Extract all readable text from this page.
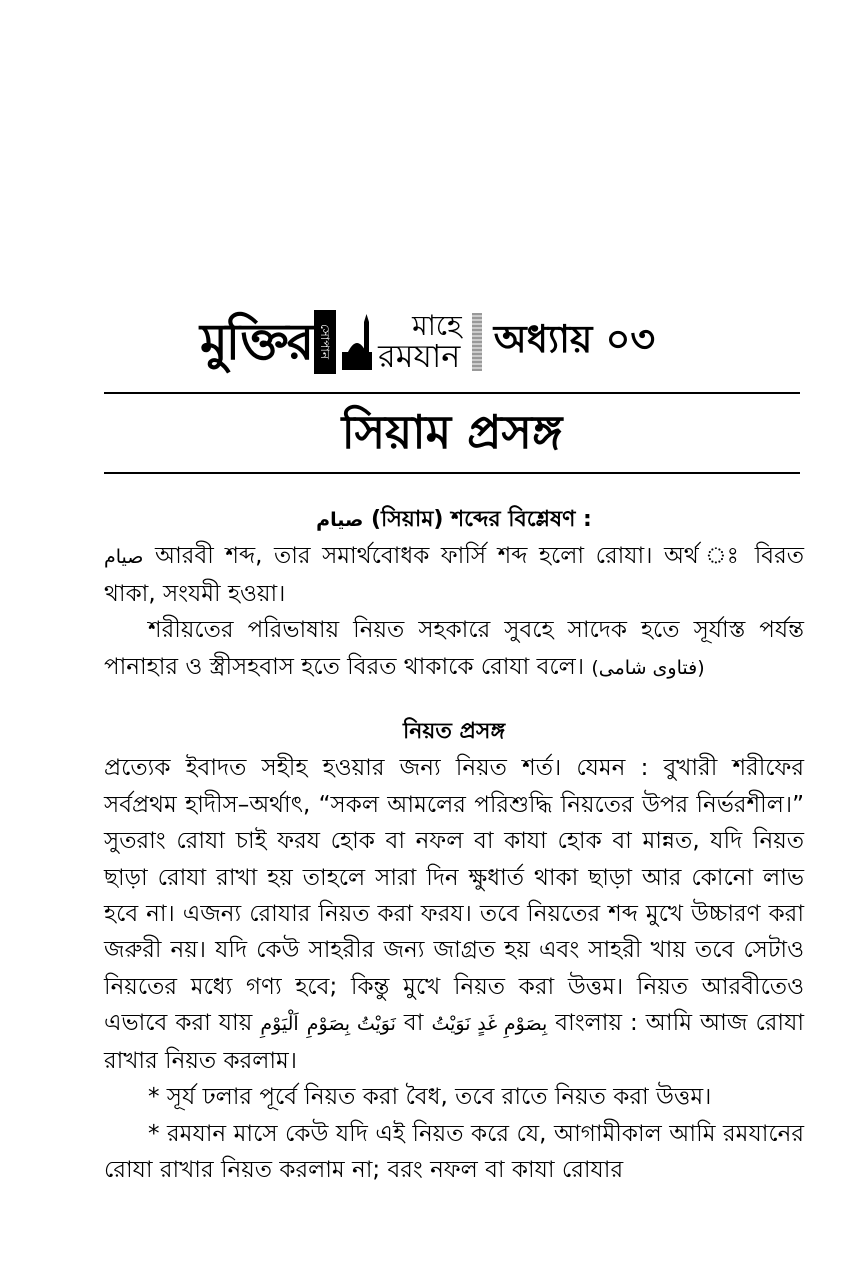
মুক্তির সোপান	মাহে
রমযান অধ্যায় ০৩
সিয়াম প্রসঙ্গ
صيام (সিয়াম) শব্দের বিশ্লেষণ :

صيام আরবী শব্দ, তার সমার্থবোধক ফার্সি শব্দ হলো রোযা। অর্থ ঃ বিরত থাকা, সংযমী হওয়া।

শরীয়তের পরিভাষায় নিয়ত সহকারে সুবহে সাদেক হতে সূর্যাস্ত পর্যন্ত পানাহার ও স্ত্রীসহবাস হতে বিরত থাকাকে রোযা বলে। (فتاوی شامی)

নিয়ত প্রসঙ্গ

প্রত্যেক ইবাদত সহীহ হওয়ার জন্য নিয়ত শর্ত। যেমন : বুখারী শরীফের সর্বপ্রথম হাদীস–অর্থাৎ, “সকল আমলের পরিশুদ্ধি নিয়তের উপর নির্ভরশীল।” সুতরাং রোযা চাই ফরয হোক বা নফল বা কাযা হোক বা মান্নত, যদি নিয়ত ছাড়া রোযা রাখা হয় তাহলে সারা দিন ক্ষুধার্ত থাকা ছাড়া আর কোনো লাভ হবে না। এজন্য রোযার নিয়ত করা ফরয। তবে নিয়তের শব্দ মুখে উচ্চারণ করা জরুরী নয়। যদি কেউ সাহরীর জন্য জাগ্রত হয় এবং সাহরী খায় তবে সেটাও নিয়তের মধ্যে গণ্য হবে; কিন্তু মুখে নিয়ত করা উত্তম। নিয়ত আরবীতেও এভাবে করা যায়	نَوَيْتُ بِصَوْمِ اَلْيَوْمِ	বা بِصَوْمِ غَدٍ نَوَيْتُ বাংলায় : আমি আজ রোযা রাখার নিয়ত করলাম।

* সূর্য ঢলার পূর্বে নিয়ত করা বৈধ, তবে রাতে নিয়ত করা উত্তম।

* রমযান মাসে কেউ যদি এই নিয়ত করে যে, আগামীকাল আমি রমযানের রোযা রাখার নিয়ত করলাম না; বরং নফল বা কাযা রোযার
